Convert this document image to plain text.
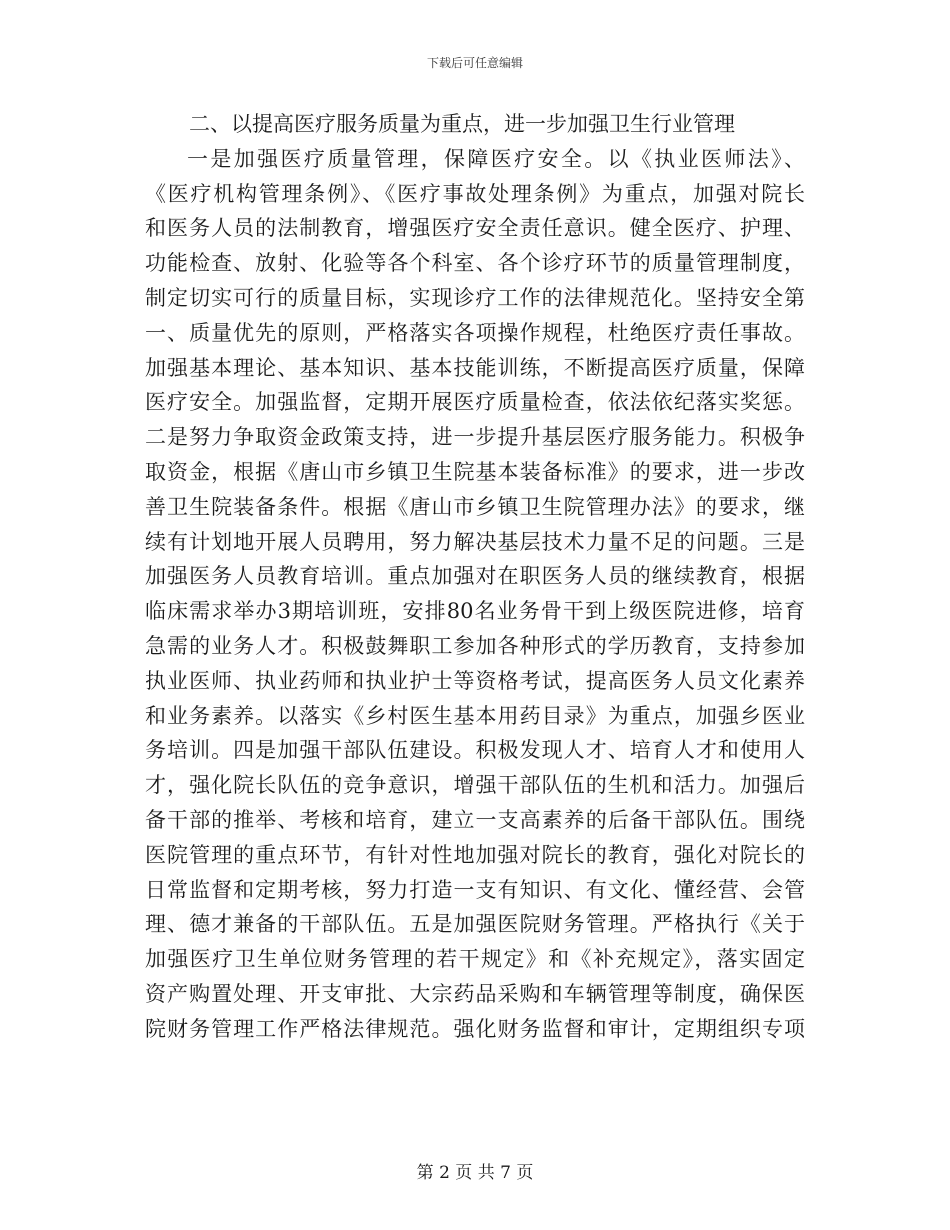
下载后可任意编辑
二、以提高医疗服务质量为重点，进一步加强卫生行业管理
一是加强医疗质量管理，保障医疗安全。以《执业医师法》、
《医疗机构管理条例》、《医疗事故处理条例》为重点，加强对院长
和医务人员的法制教育，增强医疗安全责任意识。健全医疗、护理、
功能检查、放射、化验等各个科室、各个诊疗环节的质量管理制度，
制定切实可行的质量目标，实现诊疗工作的法律规范化。坚持安全第
一、质量优先的原则，严格落实各项操作规程，杜绝医疗责任事故。
加强基本理论、基本知识、基本技能训练，不断提高医疗质量，保障
医疗安全。加强监督，定期开展医疗质量检查，依法依纪落实奖惩。
二是努力争取资金政策支持，进一步提升基层医疗服务能力。积极争
取资金，根据《唐山市乡镇卫生院基本装备标准》的要求，进一步改
善卫生院装备条件。根据《唐山市乡镇卫生院管理办法》的要求，继
续有计划地开展人员聘用，努力解决基层技术力量不足的问题。三是
加强医务人员教育培训。重点加强对在职医务人员的继续教育，根据
临床需求举办3期培训班，安排80名业务骨干到上级医院进修，培育
急需的业务人才。积极鼓舞职工参加各种形式的学历教育，支持参加
执业医师、执业药师和执业护士等资格考试，提高医务人员文化素养
和业务素养。以落实《乡村医生基本用药目录》为重点，加强乡医业
务培训。四是加强干部队伍建设。积极发现人才、培育人才和使用人
才，强化院长队伍的竞争意识，增强干部队伍的生机和活力。加强后
备干部的推举、考核和培育，建立一支高素养的后备干部队伍。围绕
医院管理的重点环节，有针对性地加强对院长的教育，强化对院长的
日常监督和定期考核，努力打造一支有知识、有文化、懂经营、会管
理、德才兼备的干部队伍。五是加强医院财务管理。严格执行《关于
加强医疗卫生单位财务管理的若干规定》和《补充规定》，落实固定
资产购置处理、开支审批、大宗药品采购和车辆管理等制度，确保医
院财务管理工作严格法律规范。强化财务监督和审计，定期组织专项
第 2 页 共 7 页
